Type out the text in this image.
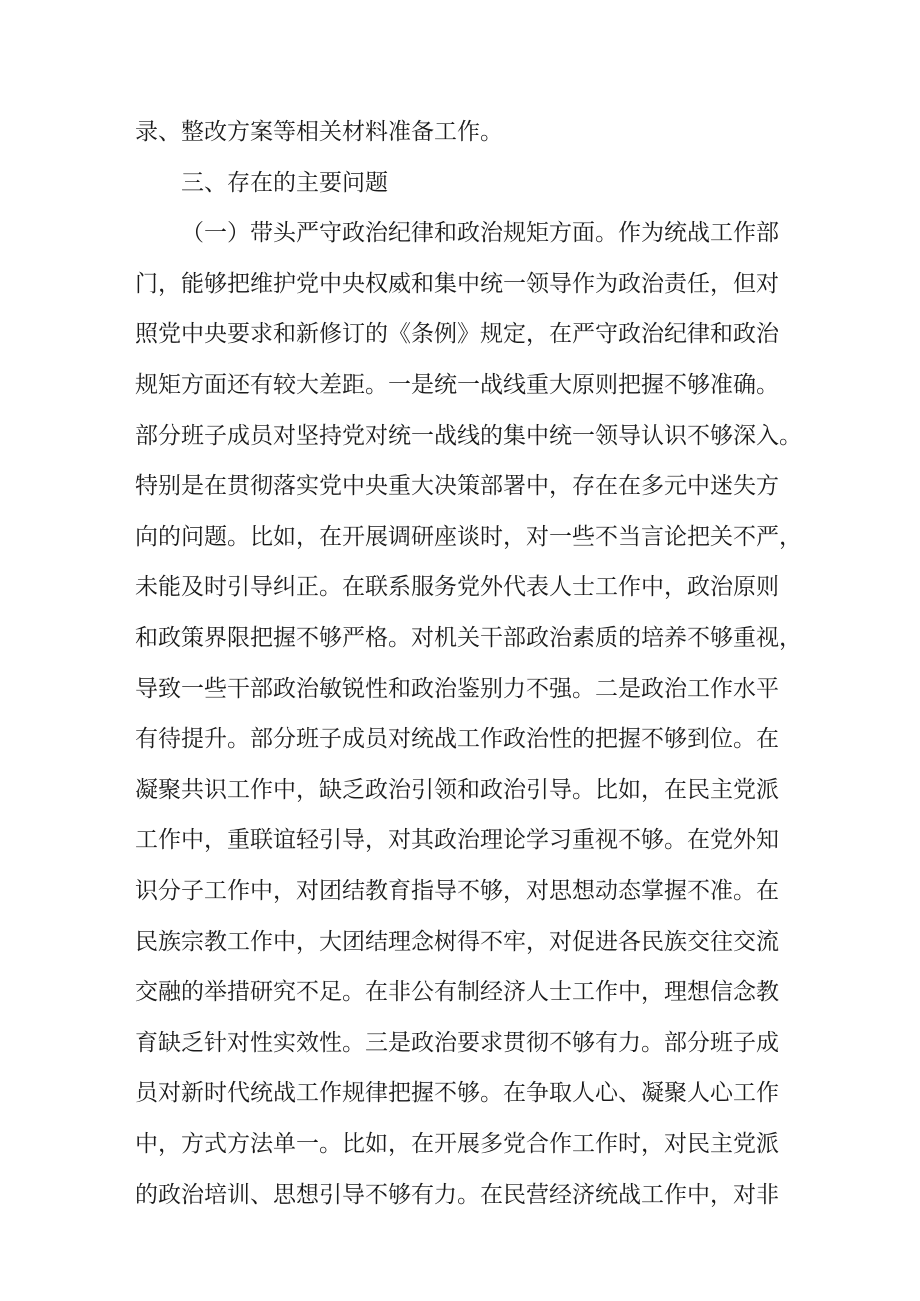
录、整改方案等相关材料准备工作。
三、存在的主要问题
（一）带头严守政治纪律和政治规矩方面。作为统战工作部
门，能够把维护党中央权威和集中统一领导作为政治责任，但对
照党中央要求和新修订的《条例》规定，在严守政治纪律和政治
规矩方面还有较大差距。一是统一战线重大原则把握不够准确。
部分班子成员对坚持党对统一战线的集中统一领导认识不够深入。
特别是在贯彻落实党中央重大决策部署中，存在在多元中迷失方
向的问题。比如，在开展调研座谈时，对一些不当言论把关不严，
未能及时引导纠正。在联系服务党外代表人士工作中，政治原则
和政策界限把握不够严格。对机关干部政治素质的培养不够重视，
导致一些干部政治敏锐性和政治鉴别力不强。二是政治工作水平
有待提升。部分班子成员对统战工作政治性的把握不够到位。在
凝聚共识工作中，缺乏政治引领和政治引导。比如，在民主党派
工作中，重联谊轻引导，对其政治理论学习重视不够。在党外知
识分子工作中，对团结教育指导不够，对思想动态掌握不准。在
民族宗教工作中，大团结理念树得不牢，对促进各民族交往交流
交融的举措研究不足。在非公有制经济人士工作中，理想信念教
育缺乏针对性实效性。三是政治要求贯彻不够有力。部分班子成
员对新时代统战工作规律把握不够。在争取人心、凝聚人心工作
中，方式方法单一。比如，在开展多党合作工作时，对民主党派
的政治培训、思想引导不够有力。在民营经济统战工作中，对非
